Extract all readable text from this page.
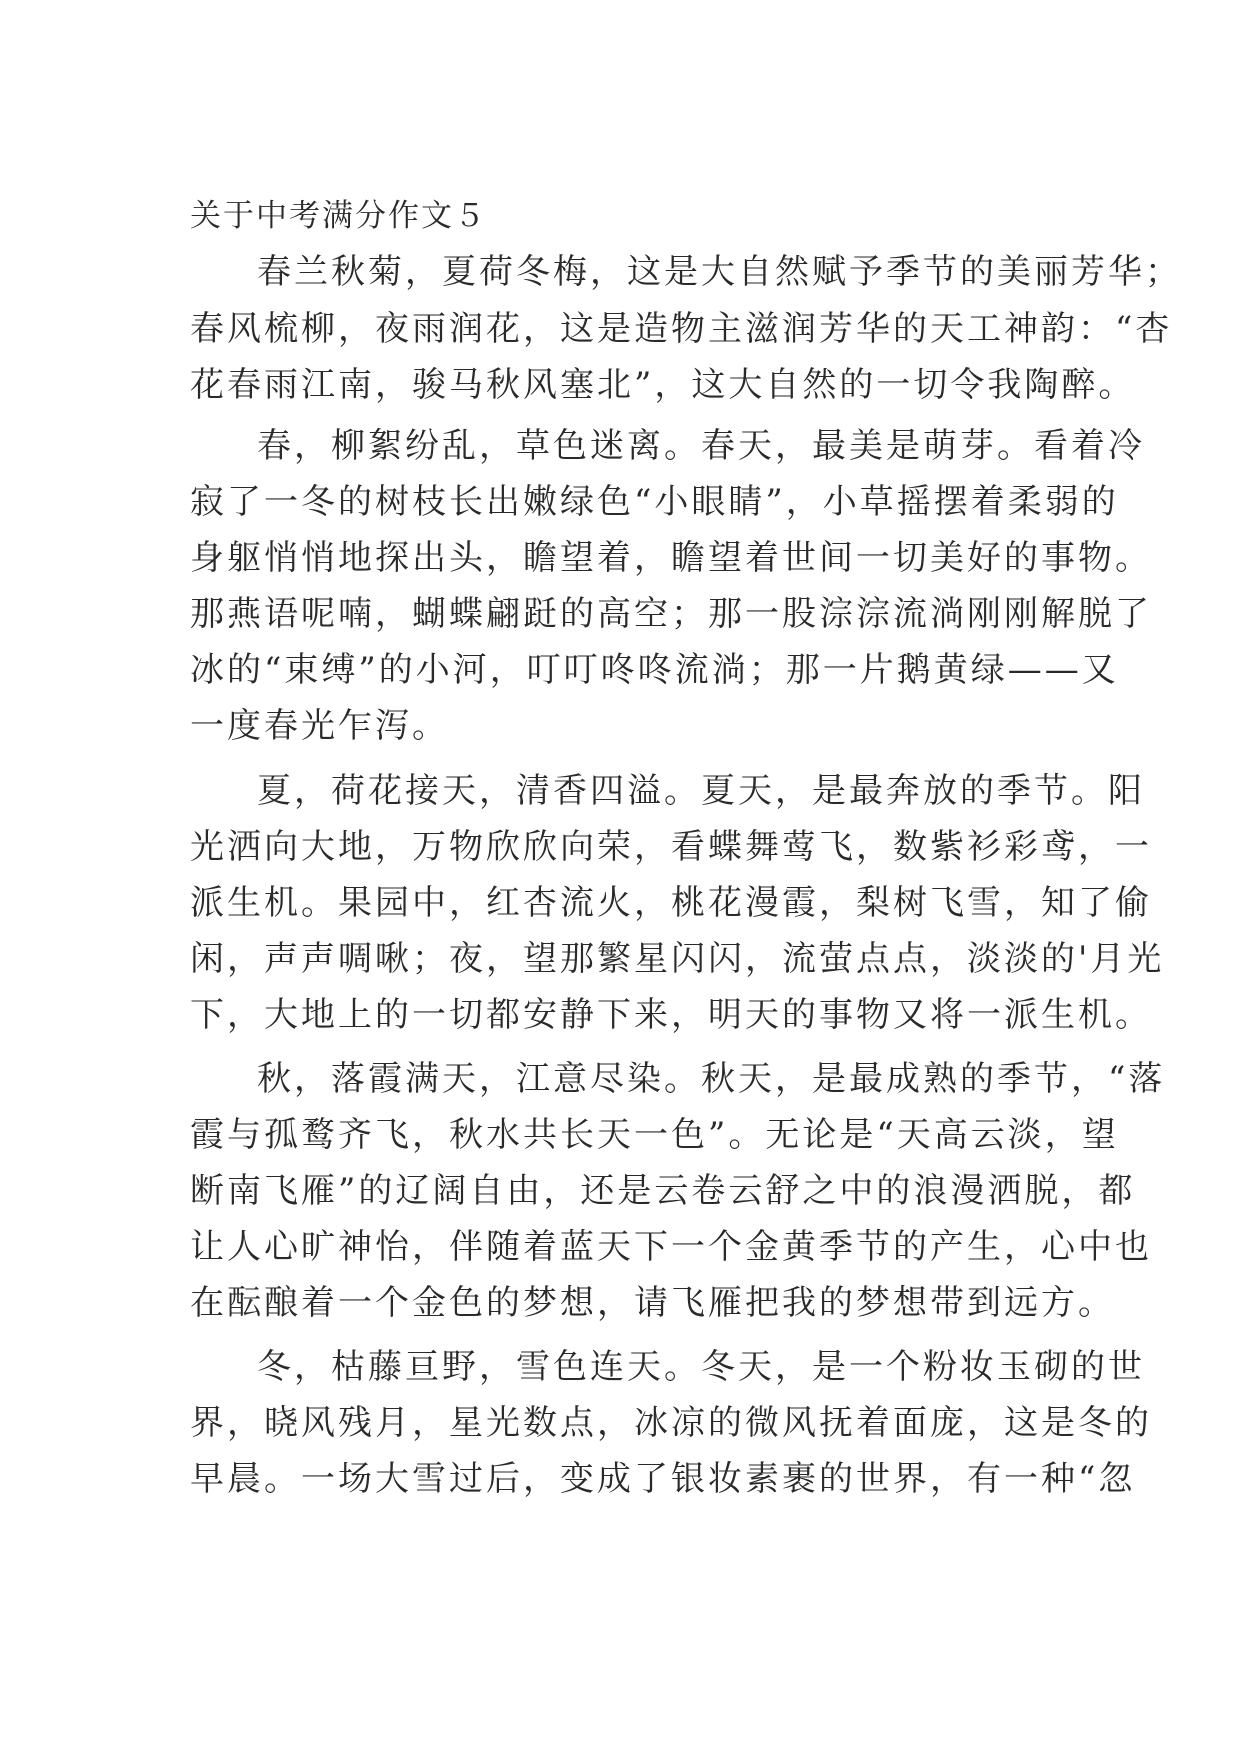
关于中考满分作文５
春兰秋菊，夏荷冬梅，这是大自然赋予季节的美丽芳华；
春风梳柳，夜雨润花，这是造物主滋润芳华的天工神韵：“杏
花春雨江南，骏马秋风塞北”，这大自然的一切令我陶醉。
春，柳絮纷乱，草色迷离。春天，最美是萌芽。看着冷
寂了一冬的树枝长出嫩绿色“小眼睛”，小草摇摆着柔弱的
身躯悄悄地探出头，瞻望着，瞻望着世间一切美好的事物。
那燕语呢喃，蝴蝶翩跹的高空；那一股淙淙流淌刚刚解脱了
冰的“束缚”的小河，叮叮咚咚流淌；那一片鹅黄绿——又
一度春光乍泻。
夏，荷花接天，清香四溢。夏天，是最奔放的季节。阳
光洒向大地，万物欣欣向荣，看蝶舞莺飞，数紫衫彩鸢，一
派生机。果园中，红杏流火，桃花漫霞，梨树飞雪，知了偷
闲，声声啁啾；夜，望那繁星闪闪，流萤点点，淡淡的'月光
下，大地上的一切都安静下来，明天的事物又将一派生机。
秋，落霞满天，江意尽染。秋天，是最成熟的季节，“落
霞与孤鹜齐飞，秋水共长天一色”。无论是“天高云淡，望
断南飞雁”的辽阔自由，还是云卷云舒之中的浪漫洒脱，都
让人心旷神怡，伴随着蓝天下一个金黄季节的产生，心中也
在酝酿着一个金色的梦想，请飞雁把我的梦想带到远方。
冬，枯藤亘野，雪色连天。冬天，是一个粉妆玉砌的世
界，晓风残月，星光数点，冰凉的微风抚着面庞，这是冬的
早晨。一场大雪过后，变成了银妆素裹的世界，有一种“忽
